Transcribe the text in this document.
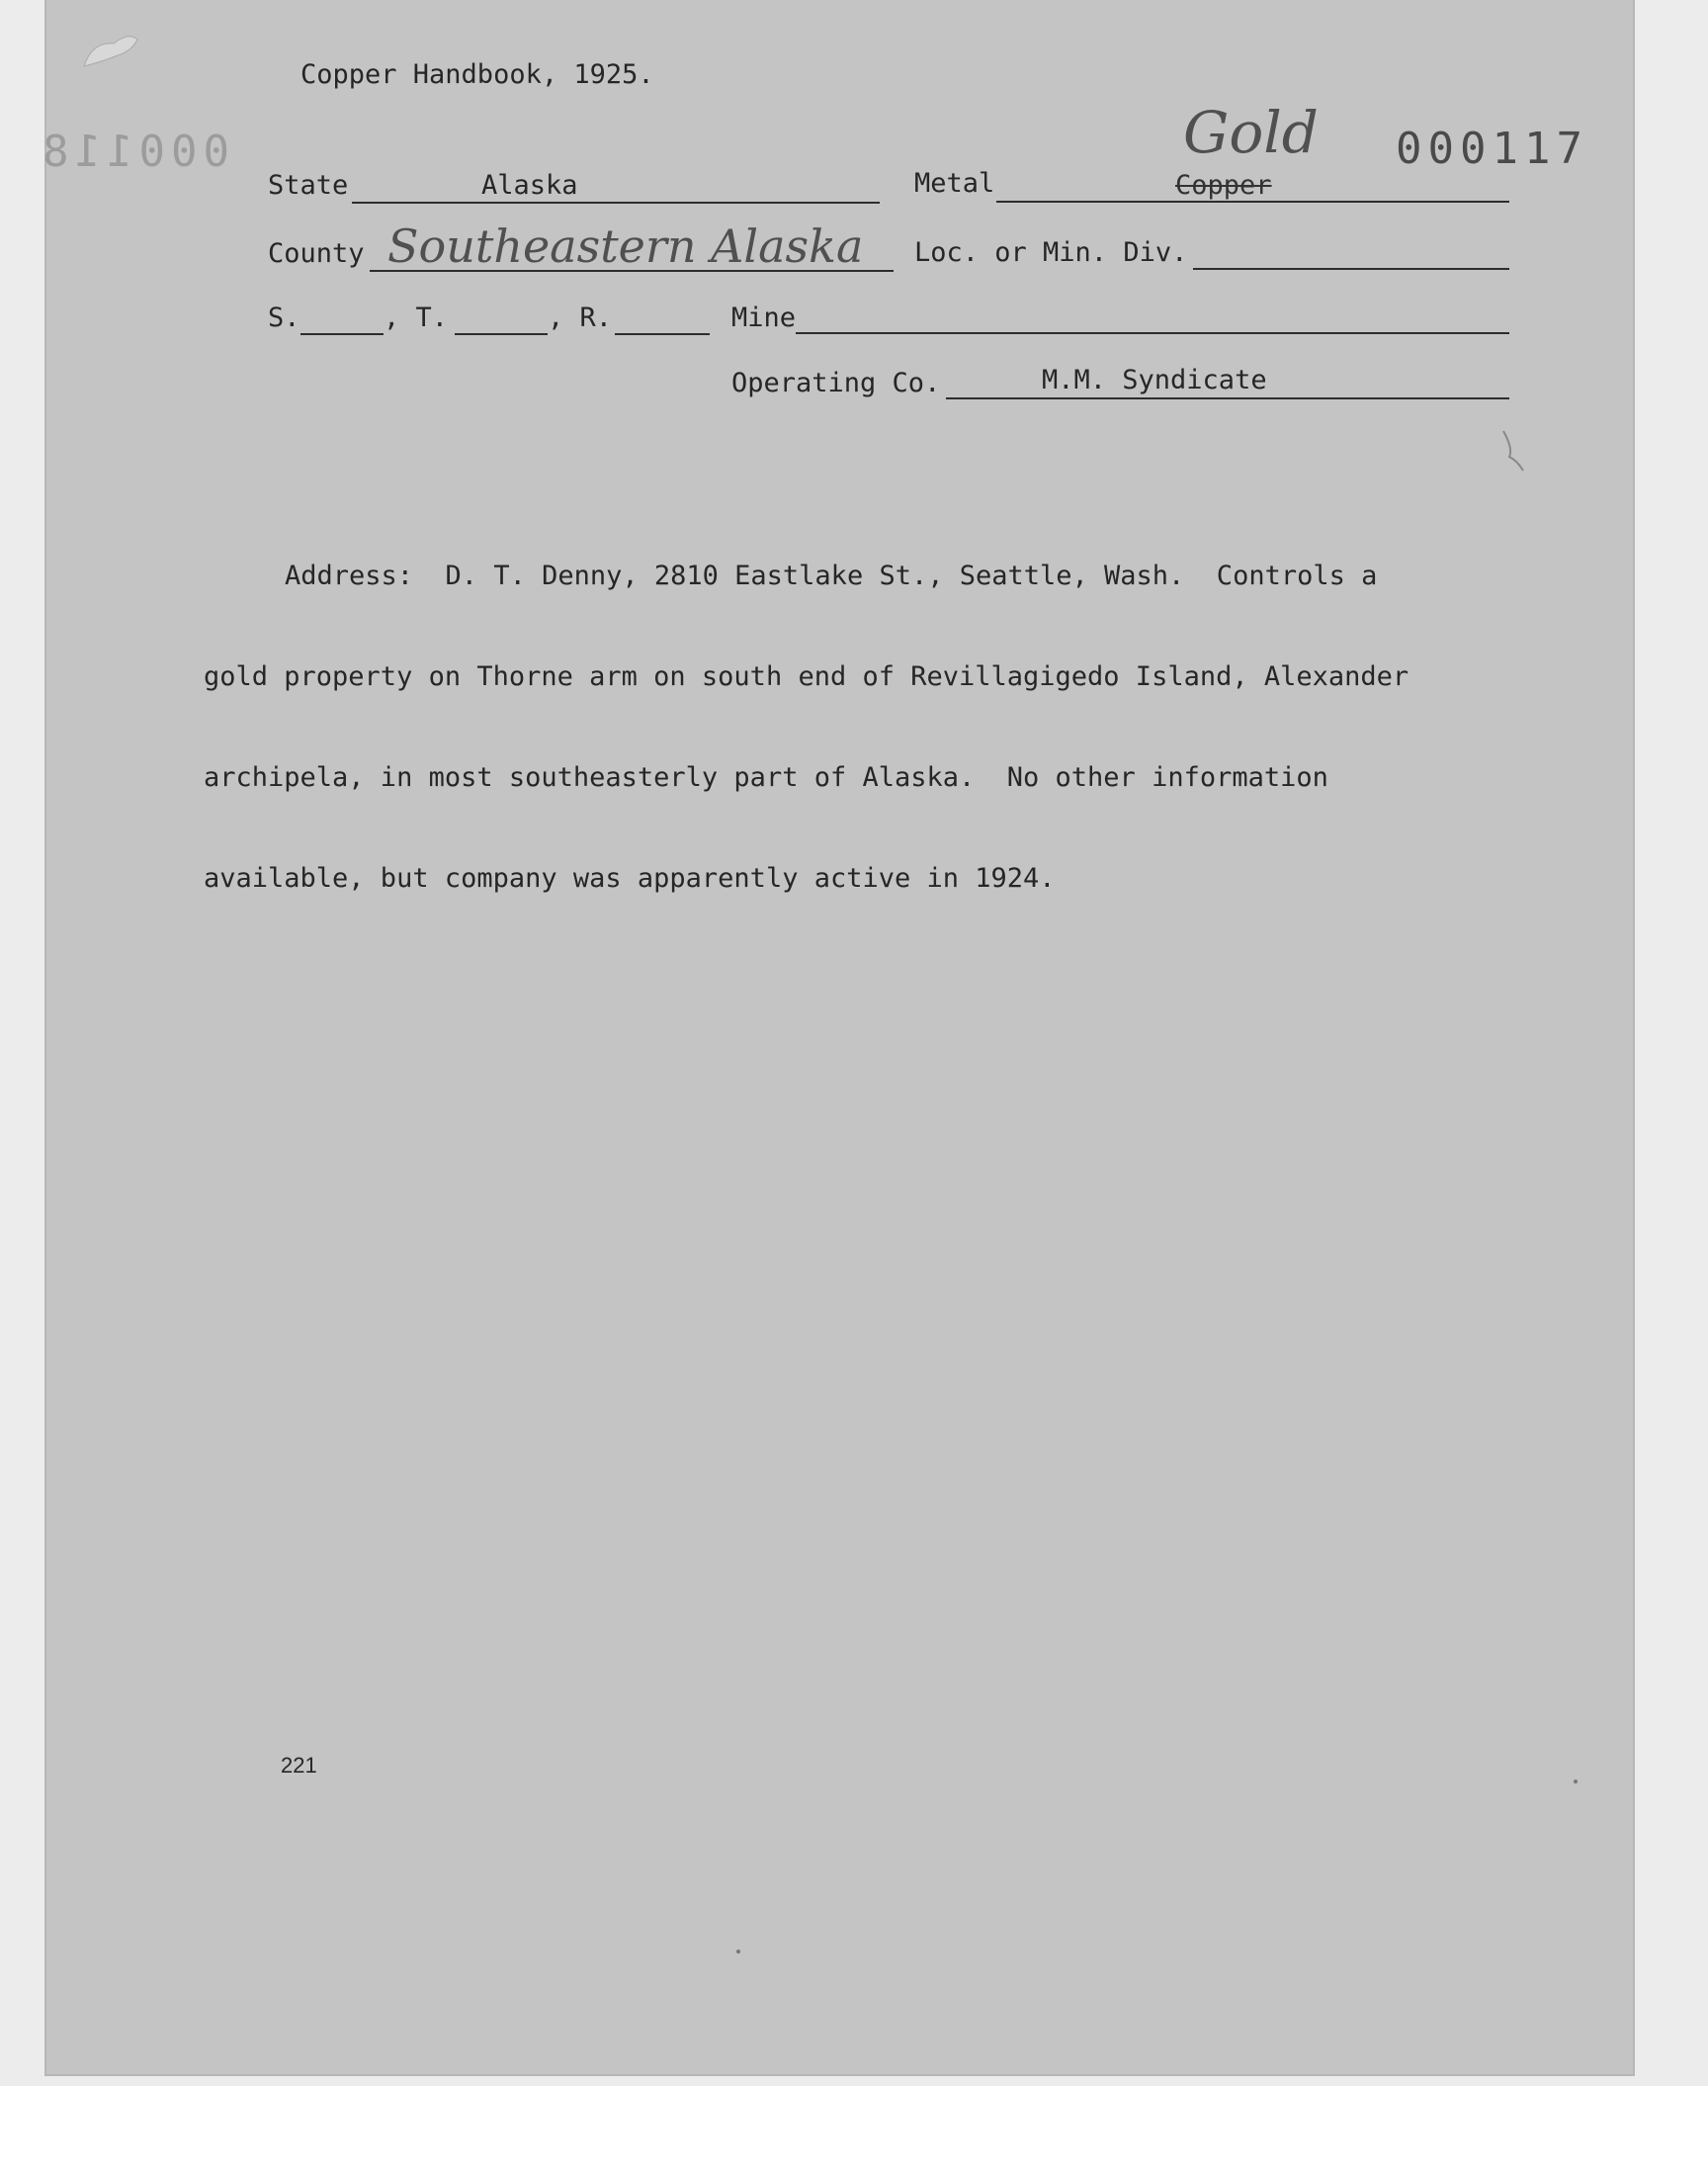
Copper Handbook, 1925.
000118	Gold 000117
State	Alaska	Metal	Copper
County Southeastern Alaska Loc. or Min. Div.
S.	, T.	, R.	Mine
Operating Co.	M.M. Syndicate

Address:  D. T. Denny, 2810 Eastlake St., Seattle, Wash.  Controls a

gold property on Thorne arm on south end of Revillagigedo Island, Alexander

archipela, in most southeasterly part of Alaska.  No other information

available, but company was apparently active in 1924.

221
